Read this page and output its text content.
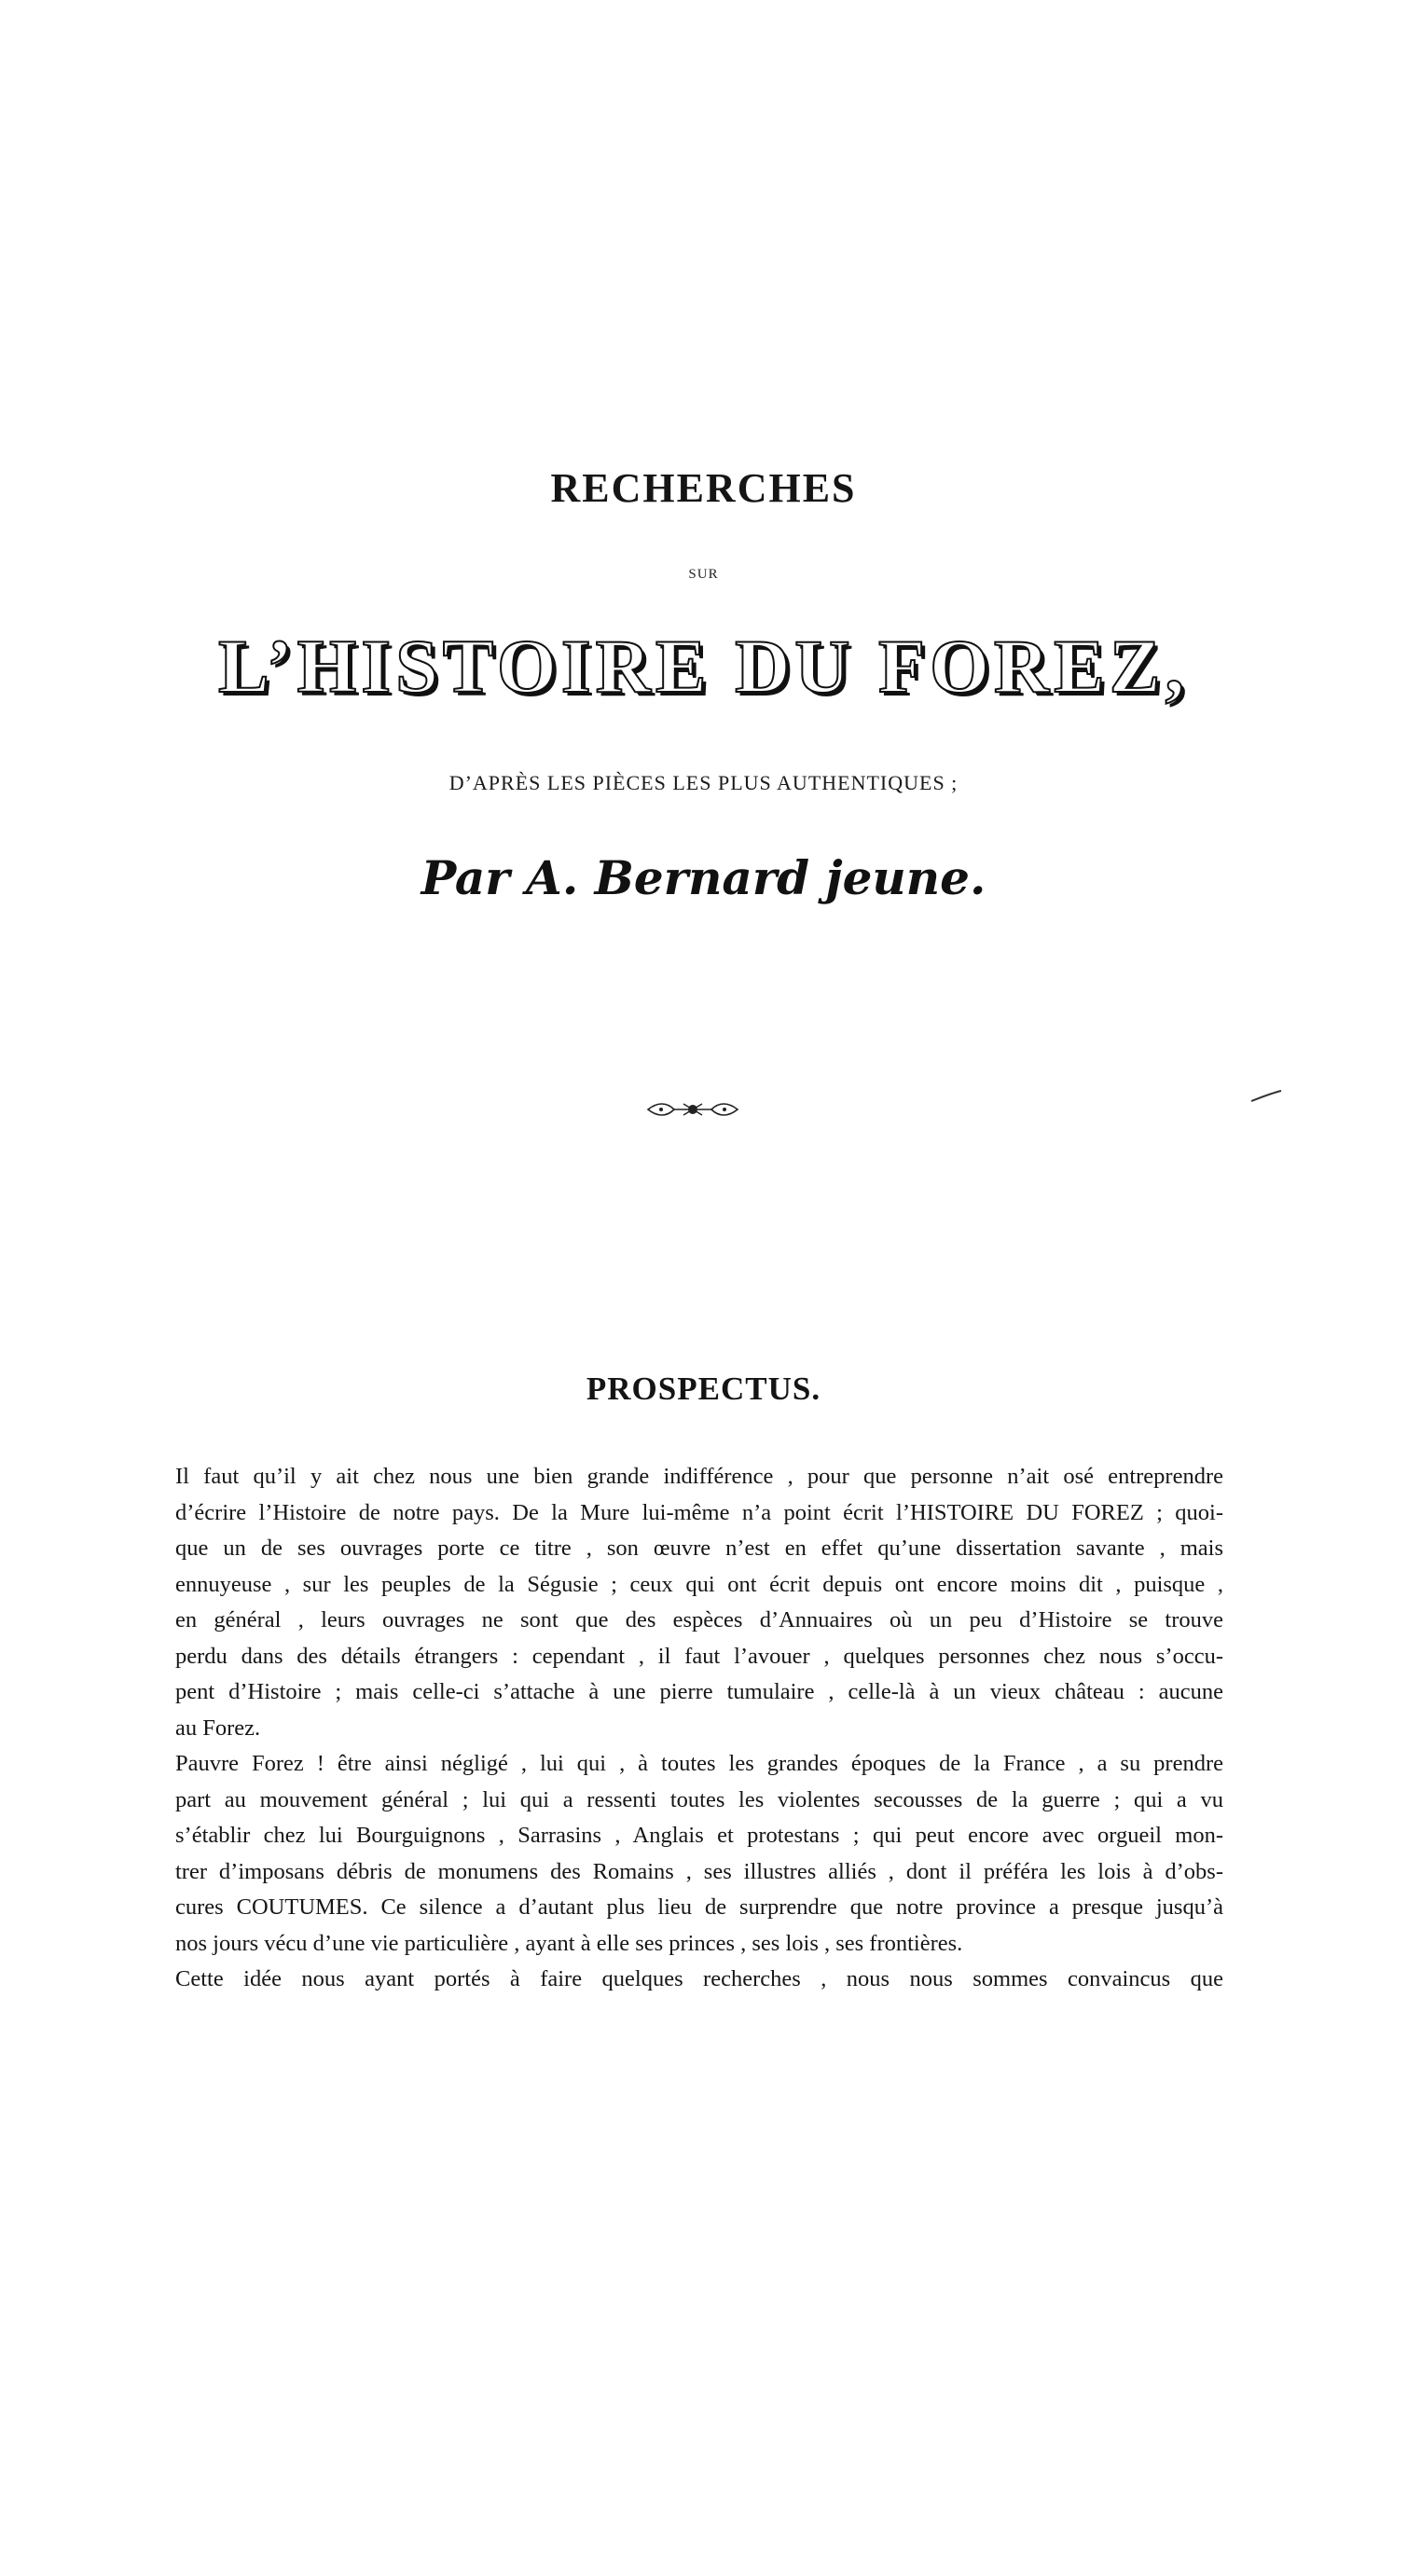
RECHERCHES
SUR
L’HISTOIRE DU FOREZ,
D’APRÈS LES PIÈCES LES PLUS AUTHENTIQUES ;
Par A. Bernard jeune.
PROSPECTUS.

Il faut qu’il y ait chez nous une bien grande indifférence , pour que personne n’ait osé entreprendre
d’écrire l’Histoire de notre pays. De la Mure lui-même n’a point écrit l’HISTOIRE DU FOREZ ; quoi-
que un de ses ouvrages porte ce titre , son œuvre n’est en effet qu’une dissertation savante , mais
ennuyeuse , sur les peuples de la Ségusie ; ceux qui ont écrit depuis ont encore moins dit , puisque ,
en général , leurs ouvrages ne sont que des espèces d’Annuaires où un peu d’Histoire se trouve
perdu dans des détails étrangers : cependant , il faut l’avouer , quelques personnes chez nous s’occu-
pent d’Histoire ; mais celle-ci s’attache à une pierre tumulaire , celle-là à un vieux château : aucune
au Forez.

Pauvre Forez ! être ainsi négligé , lui qui , à toutes les grandes époques de la France , a su prendre
part au mouvement général ; lui qui a ressenti toutes les violentes secousses de la guerre ; qui a vu
s’établir chez lui Bourguignons , Sarrasins , Anglais et protestans ; qui peut encore avec orgueil mon-
trer d’imposans débris de monumens des Romains , ses illustres alliés , dont il préféra les lois à d’obs-
cures COUTUMES. Ce silence a d’autant plus lieu de surprendre que notre province a presque jusqu’à
nos jours vécu d’une vie particulière , ayant à elle ses princes , ses lois , ses frontières.

Cette idée nous ayant portés à faire quelques recherches , nous nous sommes convaincus que
